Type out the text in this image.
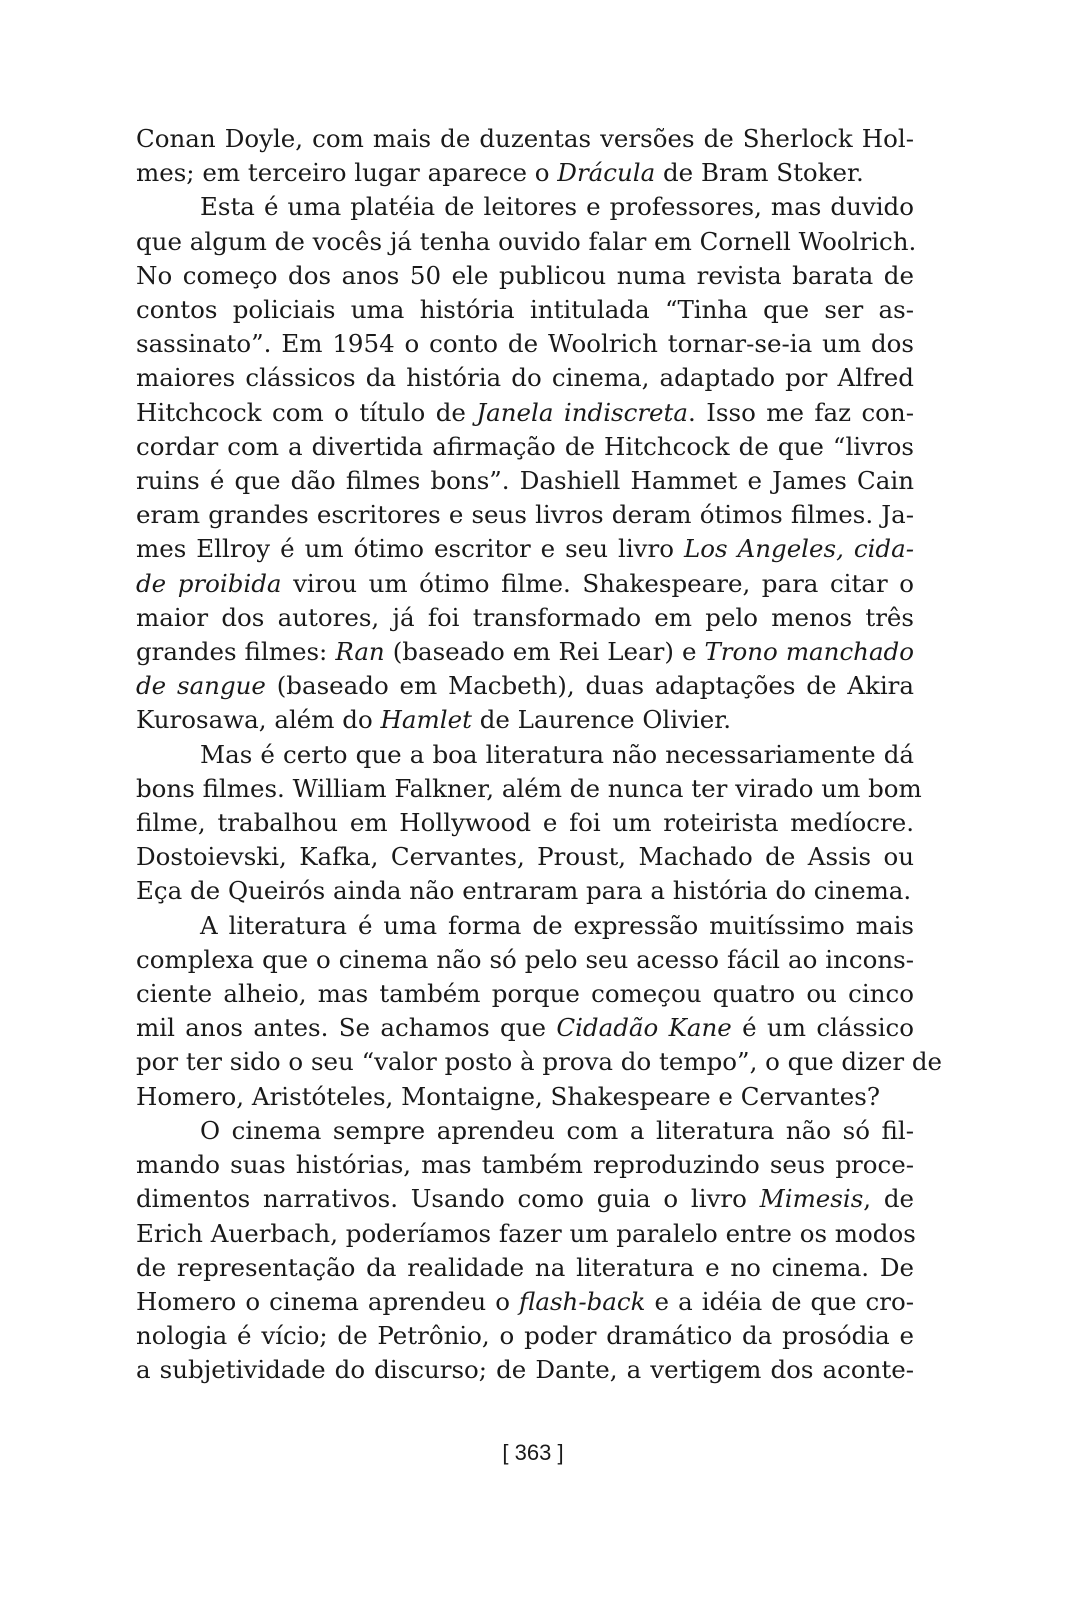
Conan Doyle, com mais de duzentas versões de Sherlock Hol-
mes; em terceiro lugar aparece o Drácula de Bram Stoker.
Esta é uma platéia de leitores e professores, mas duvido
que algum de vocês já tenha ouvido falar em Cornell Woolrich.
No começo dos anos 50 ele publicou numa revista barata de
contos policiais uma história intitulada “Tinha que ser as-
sassinato”. Em 1954 o conto de Woolrich tornar-se-ia um dos
maiores clássicos da história do cinema, adaptado por Alfred
Hitchcock com o título de Janela indiscreta. Isso me faz con-
cordar com a divertida afirmação de Hitchcock de que “livros
ruins é que dão filmes bons”. Dashiell Hammet e James Cain
eram grandes escritores e seus livros deram ótimos filmes. Ja-
mes Ellroy é um ótimo escritor e seu livro Los Angeles, cida-
de proibida virou um ótimo filme. Shakespeare, para citar o
maior dos autores, já foi transformado em pelo menos três
grandes filmes: Ran (baseado em Rei Lear) e Trono manchado
de sangue (baseado em Macbeth), duas adaptações de Akira
Kurosawa, além do Hamlet de Laurence Olivier.
Mas é certo que a boa literatura não necessariamente dá
bons filmes. William Falkner, além de nunca ter virado um bom
filme, trabalhou em Hollywood e foi um roteirista medíocre.
Dostoievski, Kafka, Cervantes, Proust, Machado de Assis ou
Eça de Queirós ainda não entraram para a história do cinema.
A literatura é uma forma de expressão muitíssimo mais
complexa que o cinema não só pelo seu acesso fácil ao incons-
ciente alheio, mas também porque começou quatro ou cinco
mil anos antes. Se achamos que Cidadão Kane é um clássico
por ter sido o seu “valor posto à prova do tempo”, o que dizer de
Homero, Aristóteles, Montaigne, Shakespeare e Cervantes?
O cinema sempre aprendeu com a literatura não só fil-
mando suas histórias, mas também reproduzindo seus proce-
dimentos narrativos. Usando como guia o livro Mimesis, de
Erich Auerbach, poderíamos fazer um paralelo entre os modos
de representação da realidade na literatura e no cinema. De
Homero o cinema aprendeu o flash-back e a idéia de que cro-
nologia é vício; de Petrônio, o poder dramático da prosódia e
a subjetividade do discurso; de Dante, a vertigem dos aconte-
[ 363 ]
